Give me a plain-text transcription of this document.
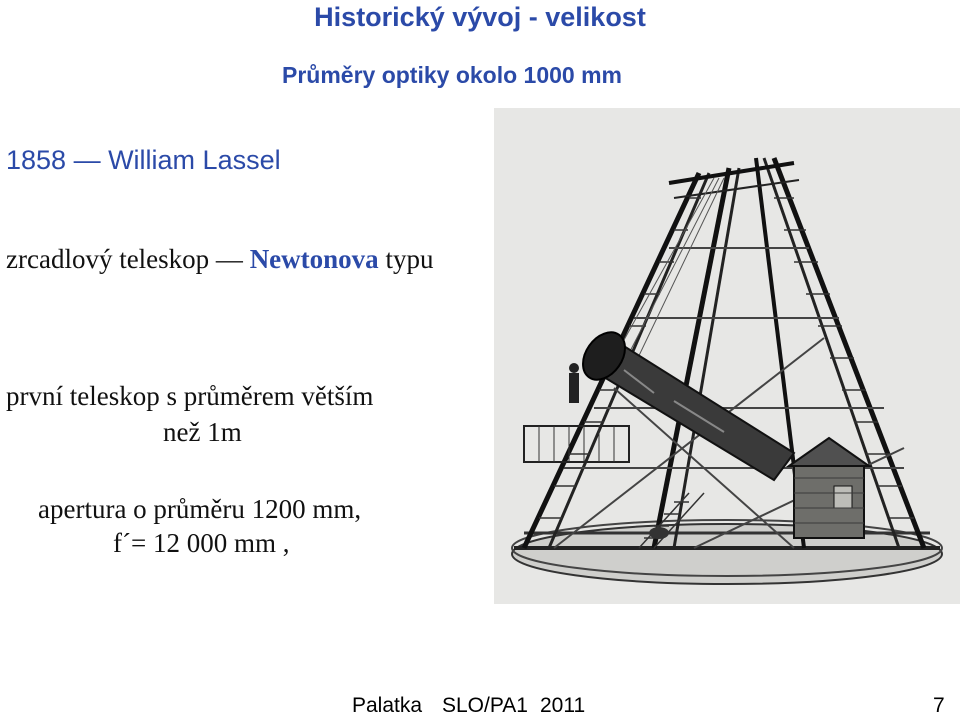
Historický vývoj - velikost
Průměry optiky okolo 1000 mm
1858 — William Lassel
zrcadlový teleskop — Newtonova typu
první teleskop s průměrem větším
než 1m
apertura o průměru 1200 mm,
f´= 12 000 mm ,
Palatka SLO/PA1 2011	7
